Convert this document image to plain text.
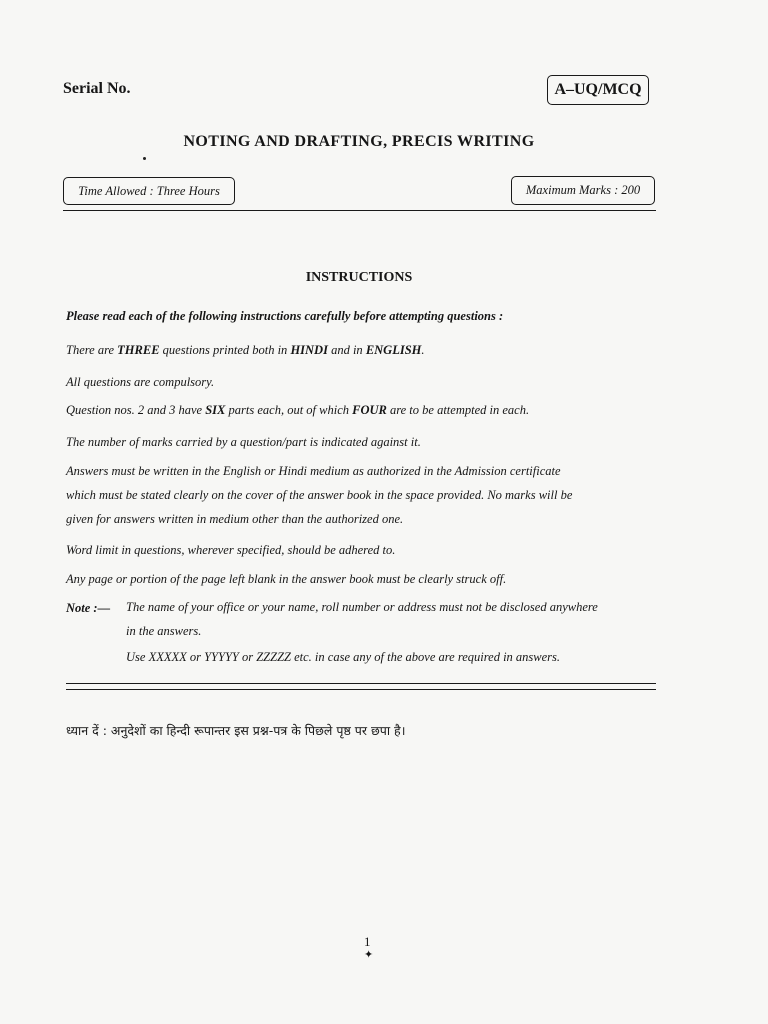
Serial No.	A–UQ/MCQ
NOTING AND DRAFTING, PRECIS WRITING
Time Allowed : Three Hours	Maximum Marks : 200
INSTRUCTIONS
Please read each of the following instructions carefully before attempting questions :
There are THREE questions printed both in HINDI and in ENGLISH.
All questions are compulsory.
Question nos. 2 and 3 have SIX parts each, out of which FOUR are to be attempted in each.
The number of marks carried by a question/part is indicated against it.
Answers must be written in the English or Hindi medium as authorized in the Admission certificate
which must be stated clearly on the cover of the answer book in the space provided. No marks will be
given for answers written in medium other than the authorized one.
Word limit in questions, wherever specified, should be adhered to.
Any page or portion of the page left blank in the answer book must be clearly struck off.
Note :— The name of your office or your name, roll number or address must not be disclosed anywhere
in the answers.
Use XXXXX or YYYYY or ZZZZZ etc. in case any of the above are required in answers.
ध्यान दें : अनुदेशों का हिन्दी रूपान्तर इस प्रश्न-पत्र के पिछले पृष्ठ पर छपा है।
1
✦
